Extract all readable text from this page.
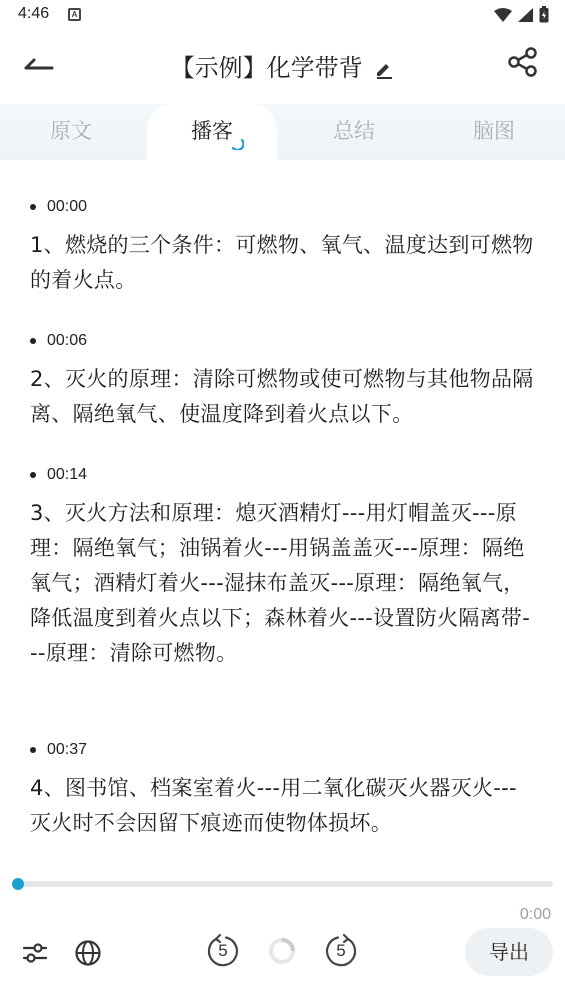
4:46	A
【示例】化学带背
原文	播客	总结	脑图
00:00
1、燃烧的三个条件：可燃物、氧气、温度达到可燃物的着火点。
00:06
2、灭火的原理：清除可燃物或使可燃物与其他物品隔离、隔绝氧气、使温度降到着火点以下。
00:14
3、灭火方法和原理：熄灭酒精灯---用灯帽盖灭---原理：隔绝氧气；油锅着火---用锅盖盖灭---原理：隔绝氧气；酒精灯着火---湿抹布盖灭---原理：隔绝氧气，降低温度到着火点以下；森林着火---设置防火隔离带---原理：清除可燃物。
00:37
4、图书馆、档案室着火---用二氧化碳灭火器灭火---灭火时不会因留下痕迹而使物体损坏。
0:00
5	5	导出
